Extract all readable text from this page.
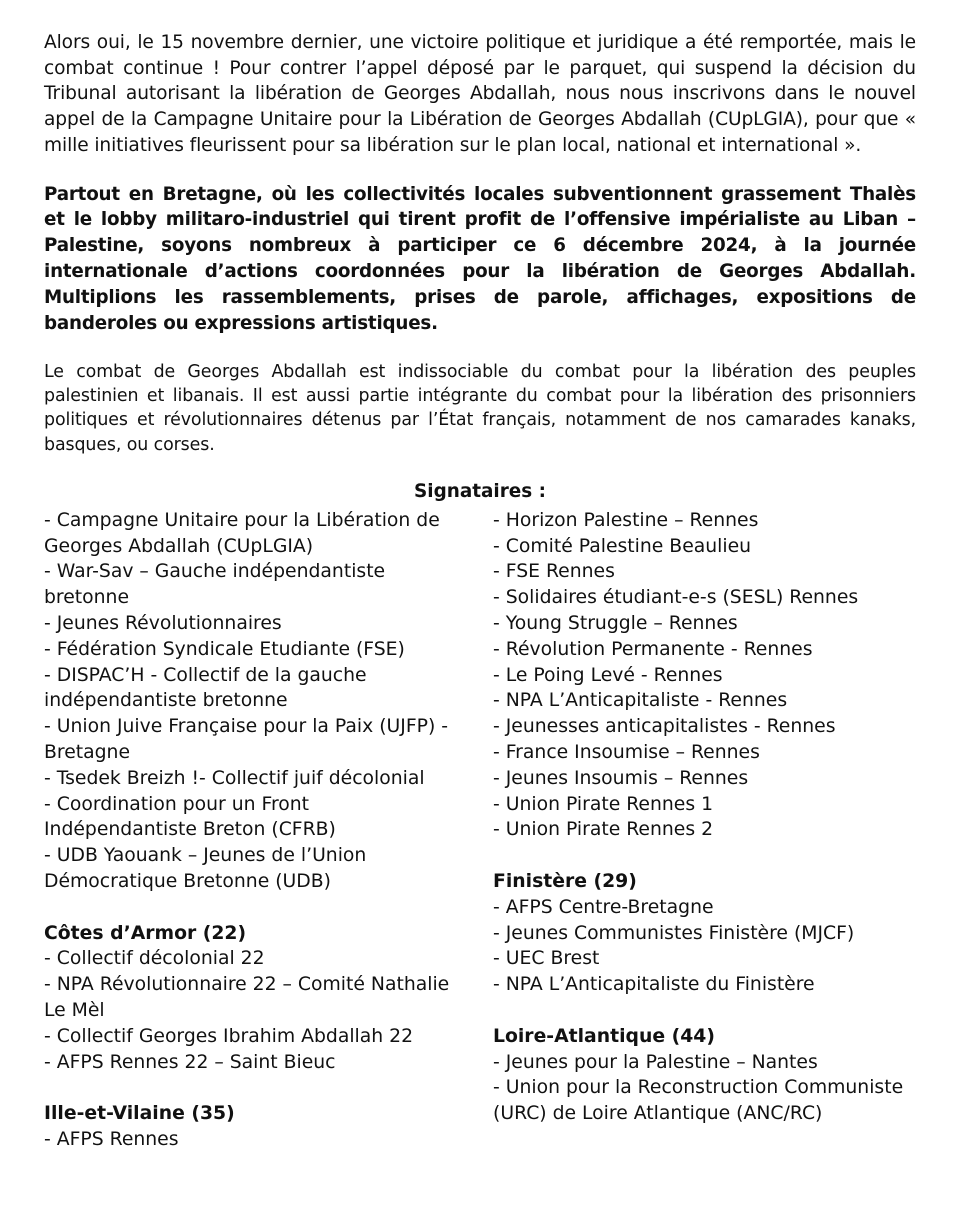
Alors oui, le 15 novembre dernier, une victoire politique et juridique a été remportée, mais le combat continue ! Pour contrer l’appel déposé par le parquet, qui suspend la décision du Tribunal autorisant la libération de Georges Abdallah, nous nous inscrivons dans le nouvel appel de la Campagne Unitaire pour la Libération de Georges Abdallah (CUpLGIA), pour que « mille initiatives fleurissent pour sa libération sur le plan local, national et international ».

Partout en Bretagne, où les collectivités locales subventionnent grassement Thalès et le lobby militaro-industriel qui tirent profit de l’offensive impérialiste au Liban – Palestine, soyons nombreux à participer ce 6 décembre 2024, à la journée internationale d’actions coordonnées pour la libération de Georges Abdallah. Multiplions les rassemblements, prises de parole, affichages, expositions de banderoles ou expressions artistiques.

Le combat de Georges Abdallah est indissociable du combat pour la libération des peuples palestinien et libanais. Il est aussi partie intégrante du combat pour la libération des prisonniers politiques et révolutionnaires détenus par l’État français, notamment de nos camarades kanaks, basques, ou corses.

Signataires :
- Campagne Unitaire pour la Libération de Georges Abdallah (CUpLGIA)
- War-Sav – Gauche indépendantiste bretonne
- Jeunes Révolutionnaires
- Fédération Syndicale Etudiante (FSE)
- DISPAC’H - Collectif de la gauche indépendantiste bretonne
- Union Juive Française pour la Paix (UJFP) - Bretagne
- Tsedek Breizh !- Collectif juif décolonial
- Coordination pour un Front Indépendantiste Breton (CFRB)
- UDB Yaouank – Jeunes de l’Union Démocratique Bretonne (UDB)
Côtes d’Armor (22)
- Collectif décolonial 22
- NPA Révolutionnaire 22 – Comité Nathalie Le Mèl
- Collectif Georges Ibrahim Abdallah 22
- AFPS Rennes 22 – Saint Bieuc
Ille-et-Vilaine (35)
- AFPS Rennes
- Horizon Palestine – Rennes
- Comité Palestine Beaulieu
- FSE Rennes
- Solidaires étudiant-e-s (SESL) Rennes
- Young Struggle – Rennes
- Révolution Permanente - Rennes
- Le Poing Levé - Rennes
- NPA L’Anticapitaliste - Rennes
- Jeunesses anticapitalistes - Rennes
- France Insoumise – Rennes
- Jeunes Insoumis – Rennes
- Union Pirate Rennes 1
- Union Pirate Rennes 2
Finistère (29)
- AFPS Centre-Bretagne
- Jeunes Communistes Finistère (MJCF)
- UEC Brest
- NPA L’Anticapitaliste du Finistère
Loire-Atlantique (44)
- Jeunes pour la Palestine – Nantes
- Union pour la Reconstruction Communiste (URC) de Loire Atlantique (ANC/RC)
